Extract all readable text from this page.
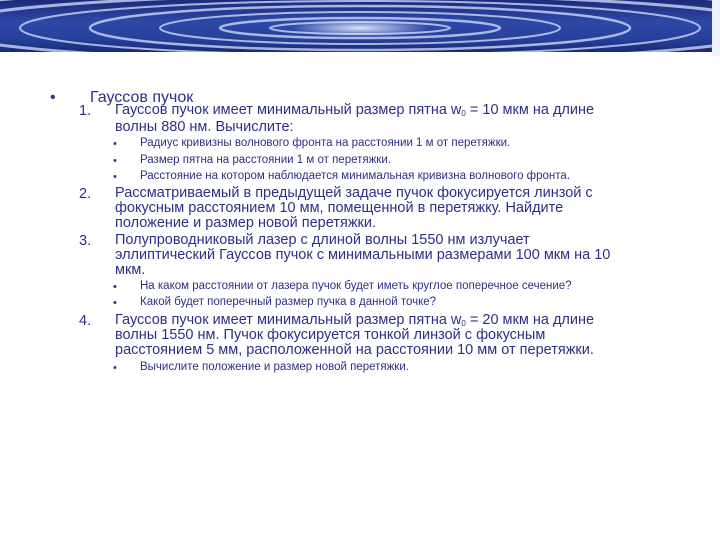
• Гауссов пучок
1. Гауссов пучок имеет минимальный размер пятна $w_0 = 10$ мкм на длине
волны 880 нм. Вычислите:
• Радиус кривизны волнового фронта на расстоянии 1 м от перетяжки.
• Размер пятна на расстоянии 1 м от перетяжки.
• Расстояние на котором наблюдается минимальная кривизна волнового фронта.
2. Рассматриваемый в предыдущей задаче пучок фокусируется линзой с
фокусным расстоянием 10 мм, помещенной в перетяжку. Найдите
положение и размер новой перетяжки.
3. Полупроводниковый лазер с длиной волны 1550 нм излучает
эллиптический Гауссов пучок с минимальными размерами 100 мкм на 10
мкм.
• На каком расстоянии от лазера пучок будет иметь круглое поперечное сечение?
• Какой будет поперечный размер пучка в данной точке?
4. Гауссов пучок имеет минимальный размер пятна $w_0 = 20$ мкм на длине
волны 1550 нм. Пучок фокусируется тонкой линзой с фокусным
расстоянием 5 мм, расположенной на расстоянии 10 мм от перетяжки.
• Вычислите положение и размер новой перетяжки.
